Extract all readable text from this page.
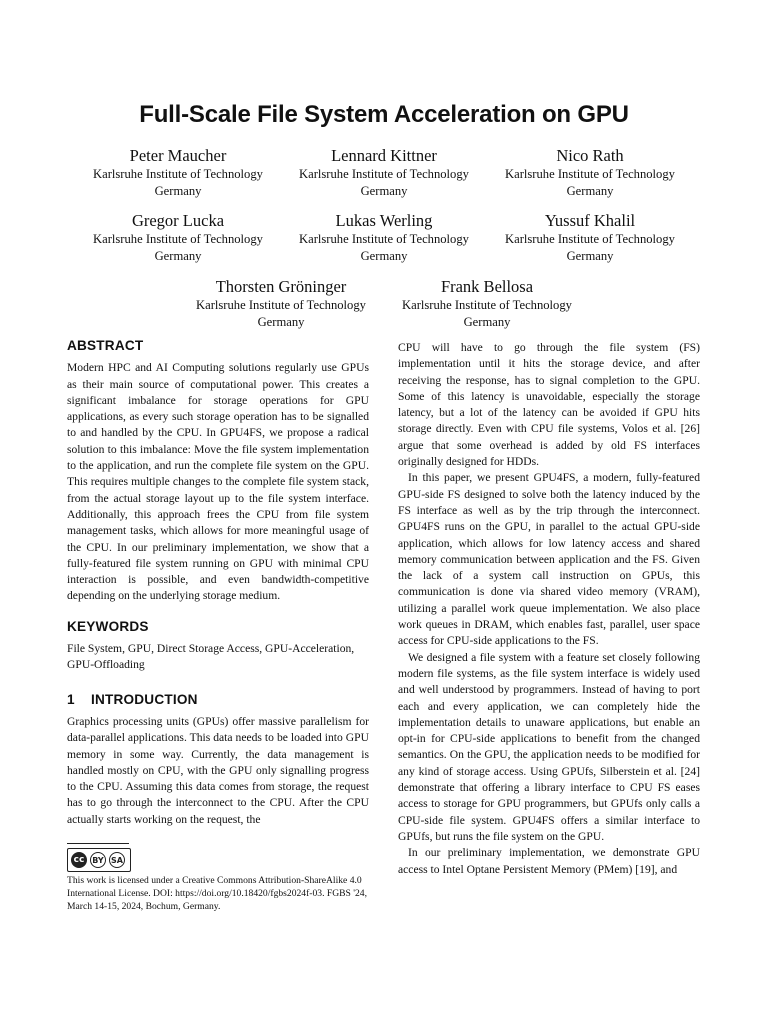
Full-Scale File System Acceleration on GPU
Peter Maucher
Karlsruhe Institute of Technology
Germany
Lennard Kittner
Karlsruhe Institute of Technology
Germany
Nico Rath
Karlsruhe Institute of Technology
Germany
Gregor Lucka
Karlsruhe Institute of Technology
Germany
Lukas Werling
Karlsruhe Institute of Technology
Germany
Yussuf Khalil
Karlsruhe Institute of Technology
Germany
Thorsten Gröninger
Karlsruhe Institute of Technology
Germany
Frank Bellosa
Karlsruhe Institute of Technology
Germany
ABSTRACT

Modern HPC and AI Computing solutions regularly use GPUs as their main source of computational power. This creates a significant imbalance for storage operations for GPU applications, as every such storage operation has to be signalled to and handled by the CPU. In GPU4FS, we propose a radical solution to this imbalance: Move the file system implementation to the application, and run the complete file system on the GPU. This requires multiple changes to the complete file system stack, from the actual storage layout up to the file system interface. Additionally, this approach frees the CPU from file system management tasks, which allows for more meaningful usage of the CPU. In our preliminary implementation, we show that a fully-featured file system running on GPU with minimal CPU interaction is possible, and even bandwidth-competitive depending on the underlying storage medium.

KEYWORDS

File System, GPU, Direct Storage Access, GPU-Acceleration, GPU-Offloading

1 INTRODUCTION

Graphics processing units (GPUs) offer massive parallelism for data-parallel applications. This data needs to be loaded into GPU memory in some way. Currently, the data management is handled mostly on CPU, with the GPU only signalling progress to the CPU. Assuming this data comes from storage, the request has to go through the interconnect to the CPU. After the CPU actually starts working on the request, the

cc BY SA
This work is licensed under a Creative Commons Attribution-ShareAlike 4.0 International License. DOI: https://doi.org/10.18420/fgbs2024f-03. FGBS '24, March 14-15, 2024, Bochum, Germany.

CPU will have to go through the file system (FS) implementation until it hits the storage device, and after receiving the response, has to signal completion to the GPU. Some of this latency is unavoidable, especially the storage latency, but a lot of the latency can be avoided if GPU hits storage directly. Even with CPU file systems, Volos et al. [26] argue that some overhead is added by old FS interfaces originally designed for HDDs.

In this paper, we present GPU4FS, a modern, fully-featured GPU-side FS designed to solve both the latency induced by the FS interface as well as by the trip through the interconnect. GPU4FS runs on the GPU, in parallel to the actual GPU-side application, which allows for low latency access and shared memory communication between application and the FS. Given the lack of a system call instruction on GPUs, this communication is done via shared video memory (VRAM), utilizing a parallel work queue implementation. We also place work queues in DRAM, which enables fast, parallel, user space access for CPU-side applications to the FS.

We designed a file system with a feature set closely following modern file systems, as the file system interface is widely used and well understood by programmers. Instead of having to port each and every application, we can completely hide the implementation details to unaware applications, but enable an opt-in for CPU-side applications to benefit from the changed semantics. On the GPU, the application needs to be modified for any kind of storage access. Using GPUfs, Silberstein et al. [24] demonstrate that offering a library interface to CPU FS eases access to storage for GPU programmers, but GPUfs only calls a CPU-side file system. GPU4FS offers a similar interface to GPUfs, but runs the file system on the GPU.

In our preliminary implementation, we demonstrate GPU access to Intel Optane Persistent Memory (PMem) [19], and
